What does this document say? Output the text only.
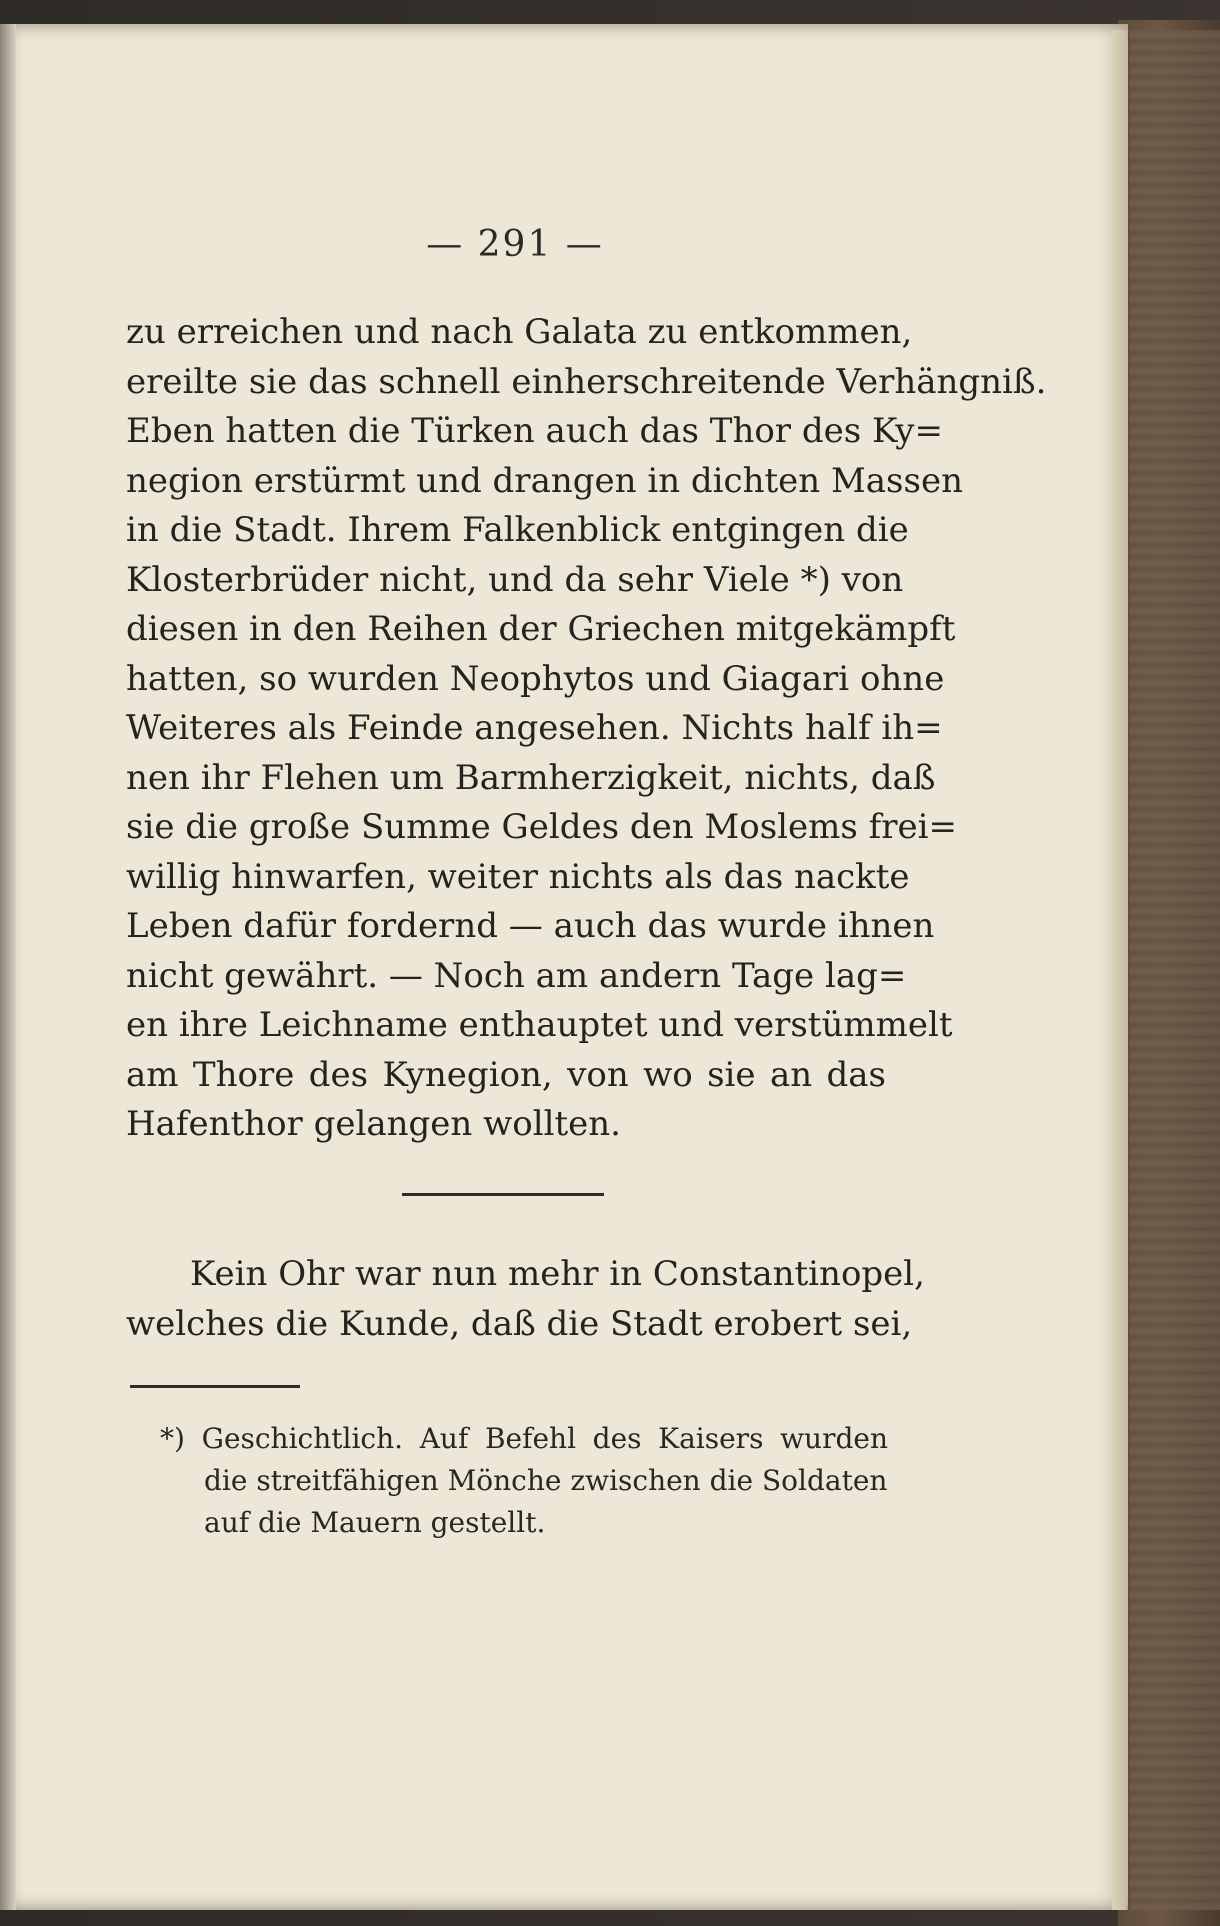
— 291 —
zu erreichen und nach Galata zu entkommen,
ereilte sie das schnell einherschreitende Verhängniß.
Eben hatten die Türken auch das Thor des Ky=
negion erstürmt und drangen in dichten Massen
in die Stadt. Ihrem Falkenblick entgingen die
Klosterbrüder nicht, und da sehr Viele *) von
diesen in den Reihen der Griechen mitgekämpft
hatten, so wurden Neophytos und Giagari ohne
Weiteres als Feinde angesehen. Nichts half ih=
nen ihr Flehen um Barmherzigkeit, nichts, daß
sie die große Summe Geldes den Moslems frei=
willig hinwarfen, weiter nichts als das nackte
Leben dafür fordernd — auch das wurde ihnen
nicht gewährt. — Noch am andern Tage lag=
en ihre Leichname enthauptet und verstümmelt
am Thore des Kynegion, von wo sie an das
Hafenthor gelangen wollten.
Kein Ohr war nun mehr in Constantinopel,
welches die Kunde, daß die Stadt erobert sei,
*) Geschichtlich. Auf Befehl des Kaisers wurden
die streitfähigen Mönche zwischen die Soldaten
auf die Mauern gestellt.
